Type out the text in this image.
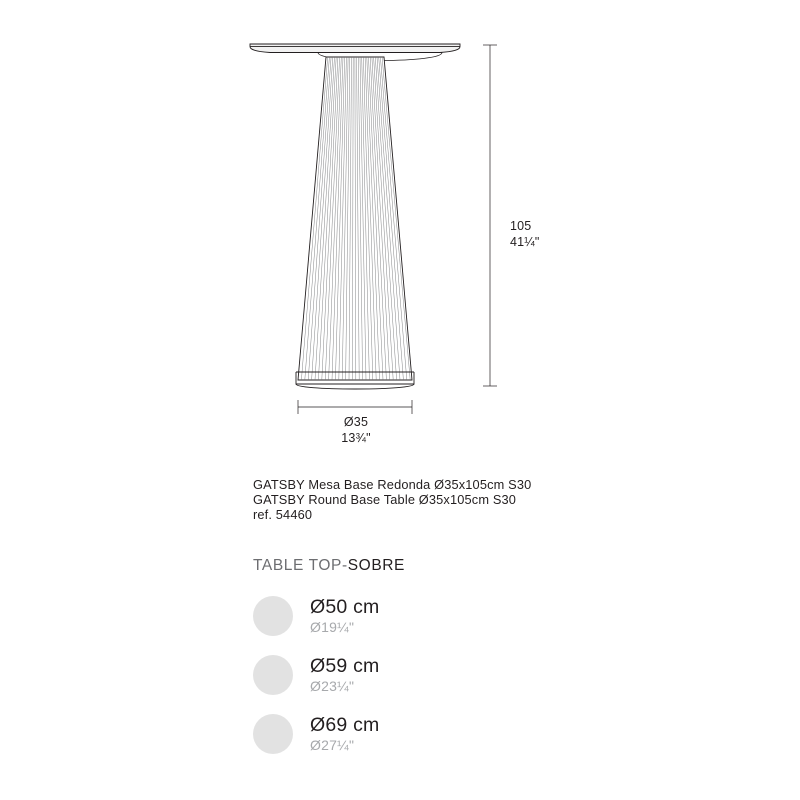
105
41¼"
Ø35
13¾"
GATSBY Mesa Base Redonda Ø35x105cm S30
GATSBY Round Base Table Ø35x105cm S30
ref. 54460
TABLE TOP-SOBRE
Ø50 cm
Ø19¼"
Ø59 cm
Ø23¼"
Ø69 cm
Ø27¼"
